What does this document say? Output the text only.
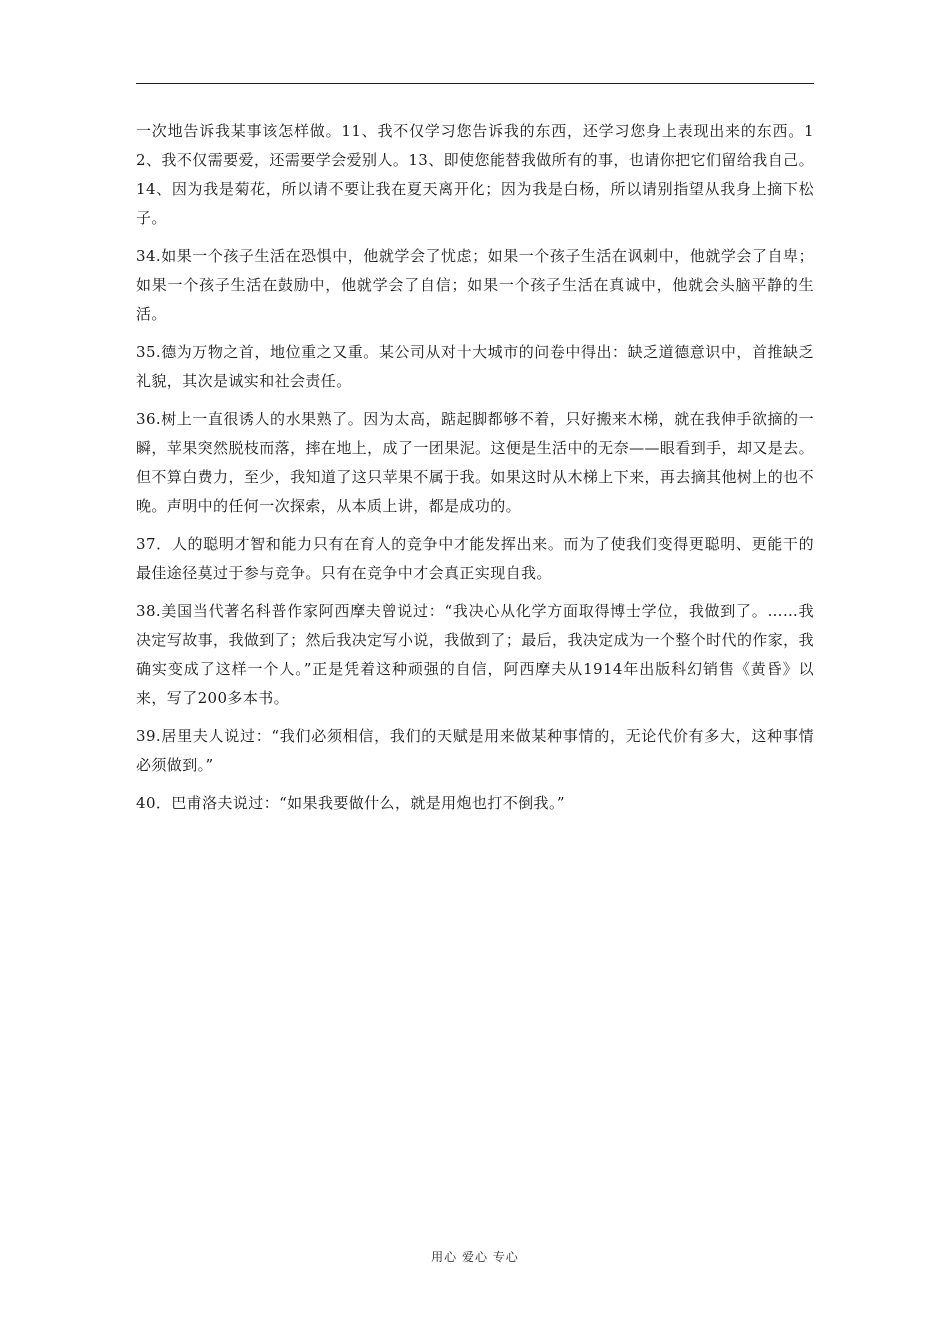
一次地告诉我某事该怎样做。11、我不仅学习您告诉我的东西，还学习您身上表现出来的东西。12、我不仅需要爱，还需要学会爱别人。13、即使您能替我做所有的事，也请你把它们留给我自己。14、因为我是菊花，所以请不要让我在夏天离开化；因为我是白杨，所以请别指望从我身上摘下松子。

34.如果一个孩子生活在恐惧中，他就学会了忧虑；如果一个孩子生活在讽刺中，他就学会了自卑；如果一个孩子生活在鼓励中，他就学会了自信；如果一个孩子生活在真诚中，他就会头脑平静的生活。

35.德为万物之首，地位重之又重。某公司从对十大城市的问卷中得出：缺乏道德意识中，首推缺乏礼貌，其次是诚实和社会责任。

36.树上一直很诱人的水果熟了。因为太高，踮起脚都够不着，只好搬来木梯，就在我伸手欲摘的一瞬，苹果突然脱枝而落，摔在地上，成了一团果泥。这便是生活中的无奈——眼看到手，却又是去。但不算白费力，至少，我知道了这只苹果不属于我。如果这时从木梯上下来，再去摘其他树上的也不晚。声明中的任何一次探索，从本质上讲，都是成功的。

37．人的聪明才智和能力只有在育人的竞争中才能发挥出来。而为了使我们变得更聪明、更能干的最佳途径莫过于参与竞争。只有在竞争中才会真正实现自我。

38.美国当代著名科普作家阿西摩夫曾说过：“我决心从化学方面取得博士学位，我做到了。……我决定写故事，我做到了；然后我决定写小说，我做到了；最后，我决定成为一个整个时代的作家，我确实变成了这样一个人。”正是凭着这种顽强的自信，阿西摩夫从1914年出版科幻销售《黄昏》以来，写了200多本书。

39.居里夫人说过：“我们必须相信，我们的天赋是用来做某种事情的，无论代价有多大，这种事情必须做到。”

40．巴甫洛夫说过：“如果我要做什么，就是用炮也打不倒我。”

用心 爱心 专心
